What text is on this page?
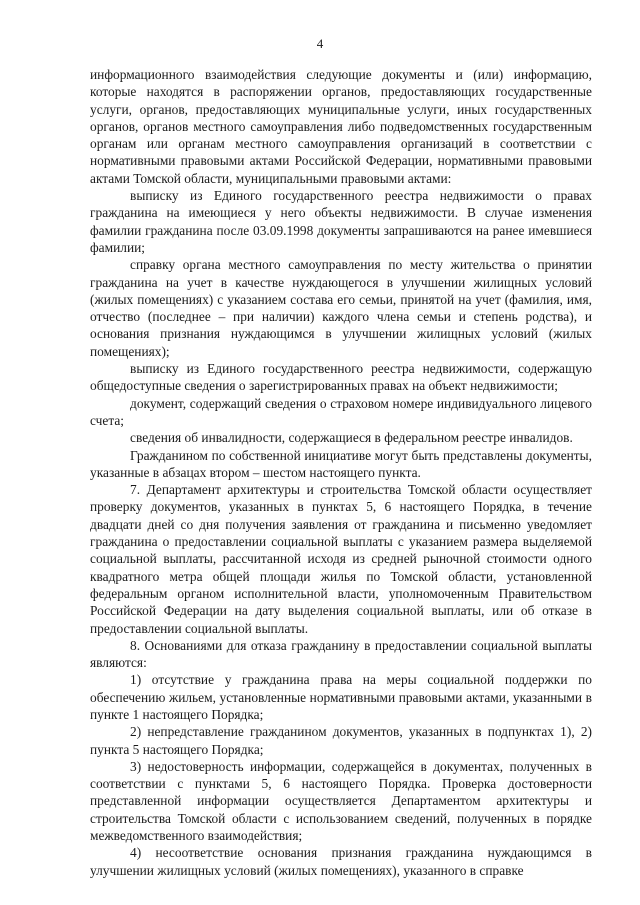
4

информационного взаимодействия следующие документы и (или) информацию, которые находятся в распоряжении органов, предоставляющих государственные услуги, органов, предоставляющих муниципальные услуги, иных государственных органов, органов местного самоуправления либо подведомственных государственным органам или органам местного самоуправления организаций в соответствии с нормативными правовыми актами Российской Федерации, нормативными правовыми актами Томской области, муниципальными правовыми актами:

выписку из Единого государственного реестра недвижимости о правах гражданина на имеющиеся у него объекты недвижимости. В случае изменения фамилии гражданина после 03.09.1998 документы запрашиваются на ранее имевшиеся фамилии;

справку органа местного самоуправления по месту жительства о принятии гражданина на учет в качестве нуждающегося в улучшении жилищных условий (жилых помещениях) с указанием состава его семьи, принятой на учет (фамилия, имя, отчество (последнее – при наличии) каждого члена семьи и степень родства), и основания признания нуждающимся в улучшении жилищных условий (жилых помещениях);

выписку из Единого государственного реестра недвижимости, содержащую общедоступные сведения о зарегистрированных правах на объект недвижимости;

документ, содержащий сведения о страховом номере индивидуального лицевого счета;

сведения об инвалидности, содержащиеся в федеральном реестре инвалидов.

Гражданином по собственной инициативе могут быть представлены документы, указанные в абзацах втором – шестом настоящего пункта.

7. Департамент архитектуры и строительства Томской области осуществляет проверку документов, указанных в пунктах 5, 6 настоящего Порядка, в течение двадцати дней со дня получения заявления от гражданина и письменно уведомляет гражданина о предоставлении социальной выплаты с указанием размера выделяемой социальной выплаты, рассчитанной исходя из средней рыночной стоимости одного квадратного метра общей площади жилья по Томской области, установленной федеральным органом исполнительной власти, уполномоченным Правительством Российской Федерации на дату выделения социальной выплаты, или об отказе в предоставлении социальной выплаты.

8. Основаниями для отказа гражданину в предоставлении социальной выплаты являются:

1) отсутствие у гражданина права на меры социальной поддержки по обеспечению жильем, установленные нормативными правовыми актами, указанными в пункте 1 настоящего Порядка;

2) непредставление гражданином документов, указанных в подпунктах 1), 2) пункта 5 настоящего Порядка;

3) недостоверность информации, содержащейся в документах, полученных в соответствии с пунктами 5, 6 настоящего Порядка. Проверка достоверности представленной информации осуществляется Департаментом архитектуры и строительства Томской области с использованием сведений, полученных в порядке межведомственного взаимодействия;

4) несоответствие основания признания гражданина нуждающимся в улучшении жилищных условий (жилых помещениях), указанного в справке
